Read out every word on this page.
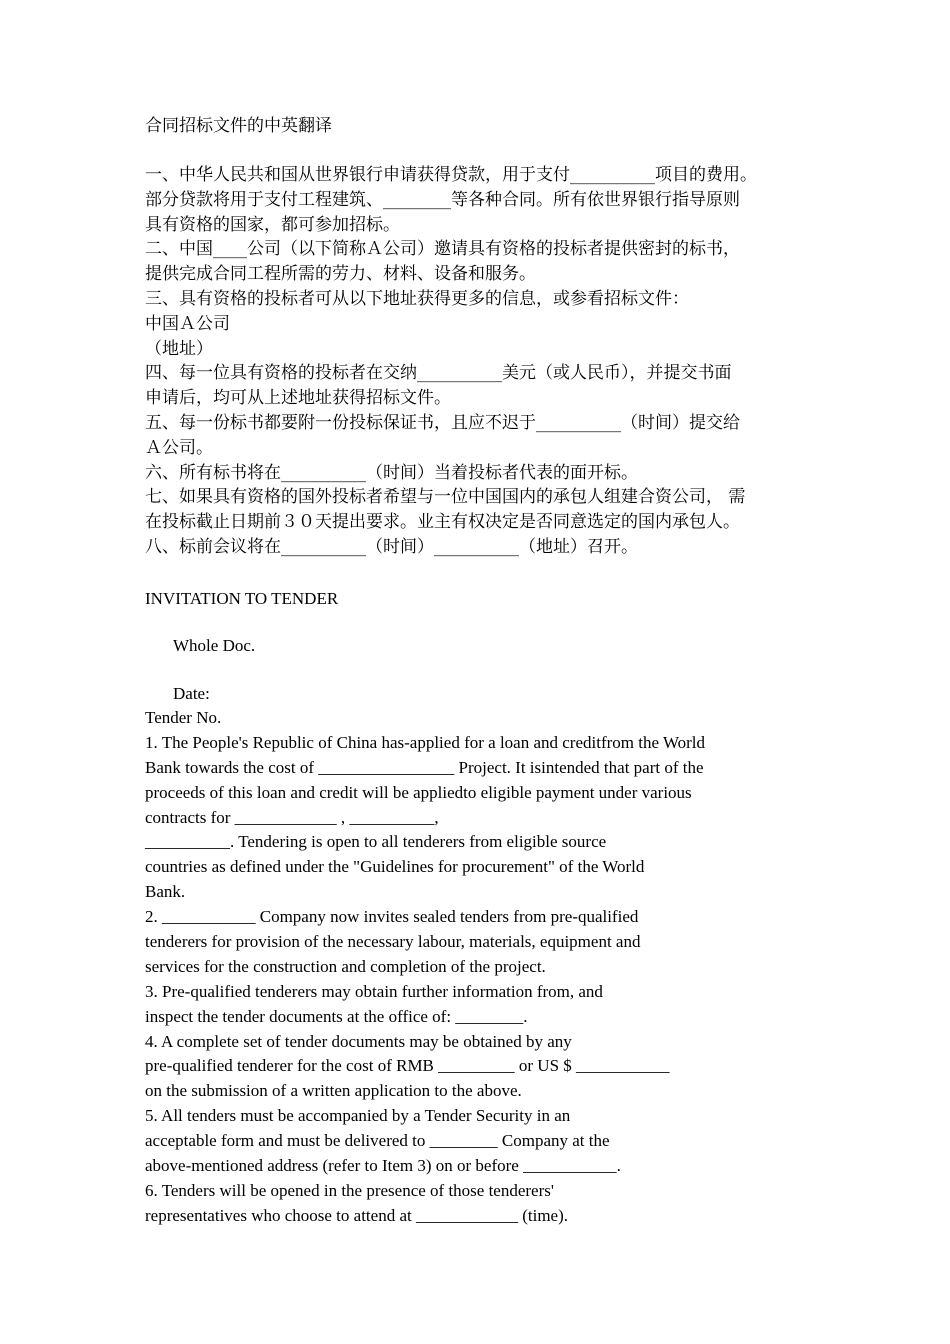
合同招标文件的中英翻译
一、中华人民共和国从世界银行申请获得贷款，用于支付__________项目的费用。
部分贷款将用于支付工程建筑、________等各种合同。所有依世界银行指导原则
具有资格的国家，都可参加招标。
二、中国____公司（以下简称Ａ公司）邀请具有资格的投标者提供密封的标书，
提供完成合同工程所需的劳力、材料、设备和服务。
三、具有资格的投标者可从以下地址获得更多的信息，或参看招标文件：
中国Ａ公司
（地址）
四、每一位具有资格的投标者在交纳__________美元（或人民币），并提交书面
申请后，均可从上述地址获得招标文件。
五、每一份标书都要附一份投标保证书，且应不迟于__________（时间）提交给
Ａ公司。
六、所有标书将在__________（时间）当着投标者代表的面开标。
七、如果具有资格的国外投标者希望与一位中国国内的承包人组建合资公司， 需
在投标截止日期前３０天提出要求。业主有权决定是否同意选定的国内承包人。
八、标前会议将在__________（时间）__________（地址）召开。
INVITATION TO TENDER
Whole Doc.
Date:
Tender No.
1. The People's Republic of China has-applied for a loan and creditfrom the World
Bank towards the cost of ________________ Project. It isintended that part of the
proceeds of this loan and credit will be appliedto eligible payment under various
contracts for ____________ , __________,
__________. Tendering is open to all tenderers from eligible source
countries as defined under the "Guidelines for procurement" of the World
Bank.
2. ___________ Company now invites sealed tenders from pre-qualified
tenderers for provision of the necessary labour, materials, equipment and
services for the construction and completion of the project.
3. Pre-qualified tenderers may obtain further information from, and
inspect the tender documents at the office of: ________.
4. A complete set of tender documents may be obtained by any
pre-qualified tenderer for the cost of RMB _________ or US $ ___________
on the submission of a written application to the above.
5. All tenders must be accompanied by a Tender Security in an
acceptable form and must be delivered to ________ Company at the
above-mentioned address (refer to Item 3) on or before ___________.
6. Tenders will be opened in the presence of those tenderers'
representatives who choose to attend at ____________ (time).
